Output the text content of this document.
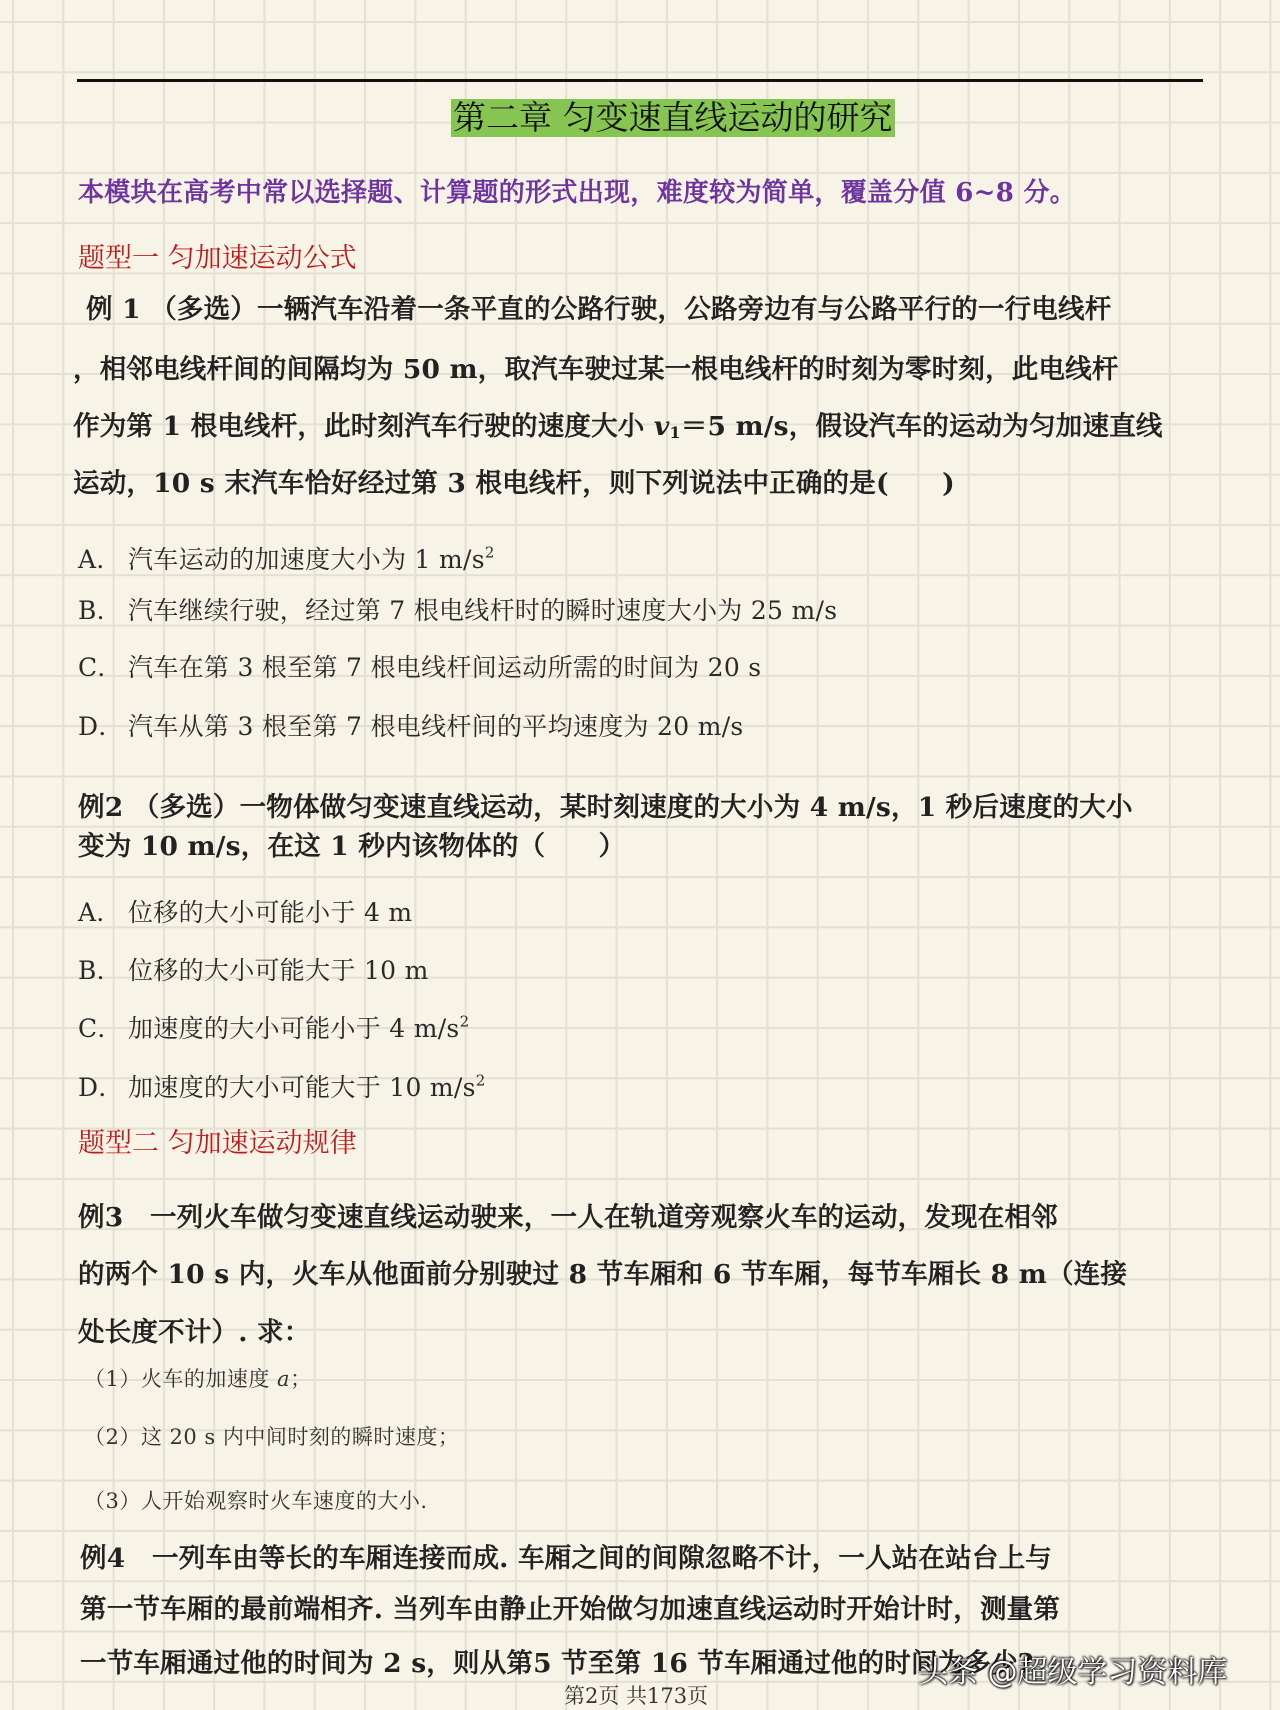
第二章 匀变速直线运动的研究
本模块在高考中常以选择题、计算题的形式出现，难度较为简单，覆盖分值 6~8 分。
题型一 匀加速运动公式
例 1 （多选）一辆汽车沿着一条平直的公路行驶，公路旁边有与公路平行的一行电线杆
，相邻电线杆间的间隔均为 50 m，取汽车驶过某一根电线杆的时刻为零时刻，此电线杆
作为第 1 根电线杆，此时刻汽车行驶的速度大小 $v_1=5$ m/s，假设汽车的运动为匀加速直线
运动，10 s 末汽车恰好经过第 3 根电线杆，则下列说法中正确的是(　　)
A． 汽车运动的加速度大小为 1 $m/s^2$
B． 汽车继续行驶，经过第 7 根电线杆时的瞬时速度大小为 25 m/s
C． 汽车在第 3 根至第 7 根电线杆间运动所需的时间为 20 s
D． 汽车从第 3 根至第 7 根电线杆间的平均速度为 20 m/s
例2 （多选）一物体做匀变速直线运动，某时刻速度的大小为 4 m/s，1 秒后速度的大小
变为 10 m/s，在这 1 秒内该物体的（　　）
A． 位移的大小可能小于 4 m
B． 位移的大小可能大于 10 m
C． 加速度的大小可能小于 4 $m/s^2$
D． 加速度的大小可能大于 10 $m/s^2$
题型二 匀加速运动规律
例3　一列火车做匀变速直线运动驶来，一人在轨道旁观察火车的运动，发现在相邻
的两个 10 s 内，火车从他面前分别驶过 8 节车厢和 6 节车厢，每节车厢长 8 m（连接
处长度不计）. 求：
（1）火车的加速度 a；
（2）这 20 s 内中间时刻的瞬时速度；
（3）人开始观察时火车速度的大小.
例4　一列车由等长的车厢连接而成. 车厢之间的间隙忽略不计，一人站在站台上与
第一节车厢的最前端相齐. 当列车由静止开始做匀加速直线运动时开始计时，测量第
一节车厢通过他的时间为 2 s，则从第5 节至第 16 节车厢通过他的时间为多少?
头条 @超级学习资料库
第2页 共173页
